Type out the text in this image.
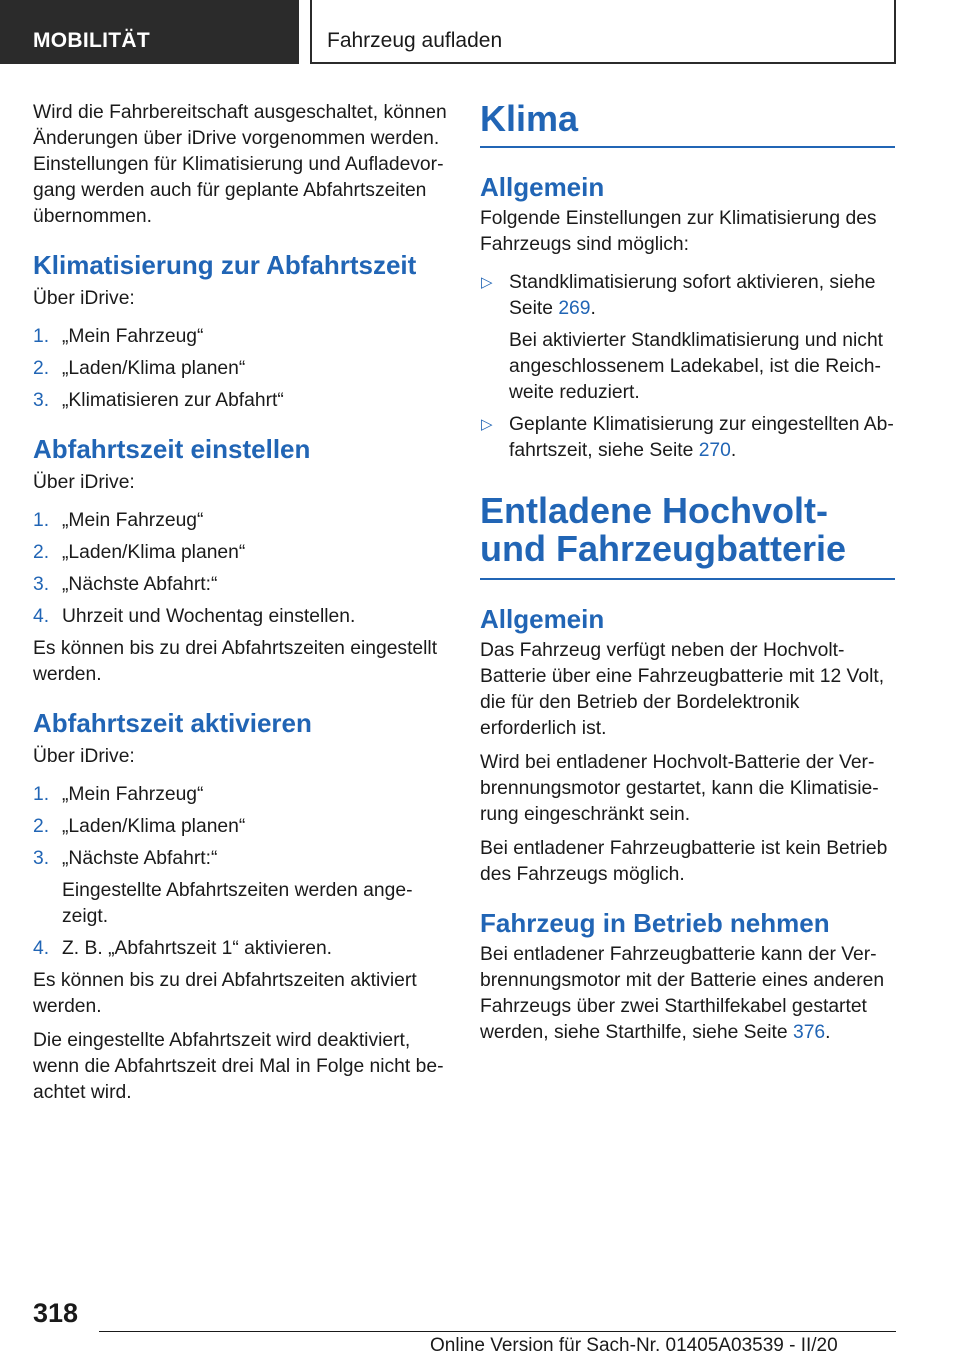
MOBILITÄT	Fahrzeug aufladen

Wird die Fahrbereitschaft ausgeschaltet, können Änderungen über iDrive vorgenommen werden. Einstellungen für Klimatisierung und Aufladevorgang werden auch für geplante Abfahrtszeiten übernommen.

Klimatisierung zur Abfahrtszeit

Über iDrive:

1. „Mein Fahrzeug“
2. „Laden/Klima planen“
3. „Klimatisieren zur Abfahrt“
Abfahrtszeit einstellen

Über iDrive:

1. „Mein Fahrzeug“
2. „Laden/Klima planen“
3. „Nächste Abfahrt:“
4. Uhrzeit und Wochentag einstellen.

Es können bis zu drei Abfahrtszeiten eingestellt werden.

Abfahrtszeit aktivieren

Über iDrive:

1. „Mein Fahrzeug“
2. „Laden/Klima planen“
3. „Nächste Abfahrt:“
Eingestellte Abfahrtszeiten werden angezeigt.
4. Z. B. „Abfahrtszeit 1“ aktivieren.

Es können bis zu drei Abfahrtszeiten aktiviert werden.

Die eingestellte Abfahrtszeit wird deaktiviert, wenn die Abfahrtszeit drei Mal in Folge nicht beachtet wird.

Klima
Allgemein

Folgende Einstellungen zur Klimatisierung des Fahrzeugs sind möglich:

▷ Standklimatisierung sofort aktivieren, siehe Seite 269.
Bei aktivierter Standklimatisierung und nicht angeschlossenem Ladekabel, ist die Reichweite reduziert.
▷ Geplante Klimatisierung zur eingestellten Abfahrtszeit, siehe Seite 270.
Entladene Hochvolt- und Fahrzeugbatterie
Allgemein

Das Fahrzeug verfügt neben der Hochvolt-Batterie über eine Fahrzeugbatterie mit 12 Volt, die für den Betrieb der Bordelektronik erforderlich ist.

Wird bei entladener Hochvolt-Batterie der Verbrennungsmotor gestartet, kann die Klimatisierung eingeschränkt sein.

Bei entladener Fahrzeugbatterie ist kein Betrieb des Fahrzeugs möglich.

Fahrzeug in Betrieb nehmen

Bei entladener Fahrzeugbatterie kann der Verbrennungsmotor mit der Batterie eines anderen Fahrzeugs über zwei Starthilfekabel gestartet werden, siehe Starthilfe, siehe Seite 376.

318
Online Version für Sach-Nr. 01405A03539 - II/20
